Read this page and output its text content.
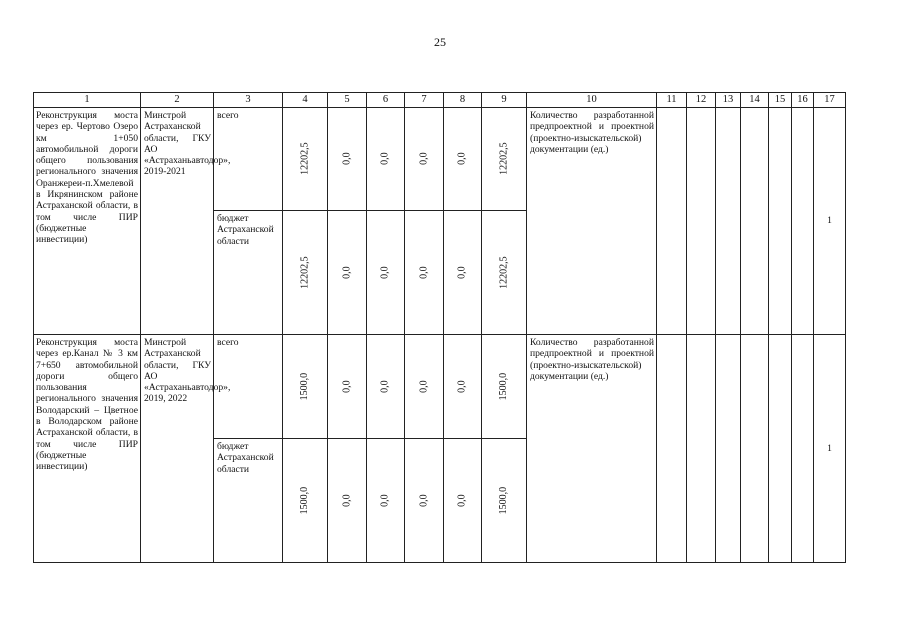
25
1	2	3	4	5	6	7	8	9	10	11	12	13	14	15	16	17
Реконструкция моста через ер. Чертово Озеро км 1+050 автомобильной дороги общего пользования регионального значения Оранжереи-п.Хмелевой в Икрянинском районе Астраханской области, в том числе ПИР (бюджетные инвестиции)	Минстрой Астраханской области, ГКУ АО «Астраханьавтодор», 2019-2021	всего	12202,5	0,0	0,0	0,0	0,0	12202,5	Количество разработанной предпроектной и проектной (проектно-изыскательской) документации (ед.)							1
		бюджет Астраханской области	12202,5	0,0	0,0	0,0	0,0	12202,5								
Реконструкция моста через ер.Канал № 3 км 7+650 автомобильной дороги общего пользования регионального значения Володарский – Цветное в Володарском районе Астраханской области, в том числе ПИР (бюджетные инвестиции)	Минстрой Астраханской области, ГКУ АО «Астраханьавтодор», 2019, 2022	всего	1500,0	0,0	0,0	0,0	0,0	1500,0	Количество разработанной предпроектной и проектной (проектно-изыскательской) документации (ед.)							1
		бюджет Астраханской области	1500,0	0,0	0,0	0,0	0,0	1500,0								
